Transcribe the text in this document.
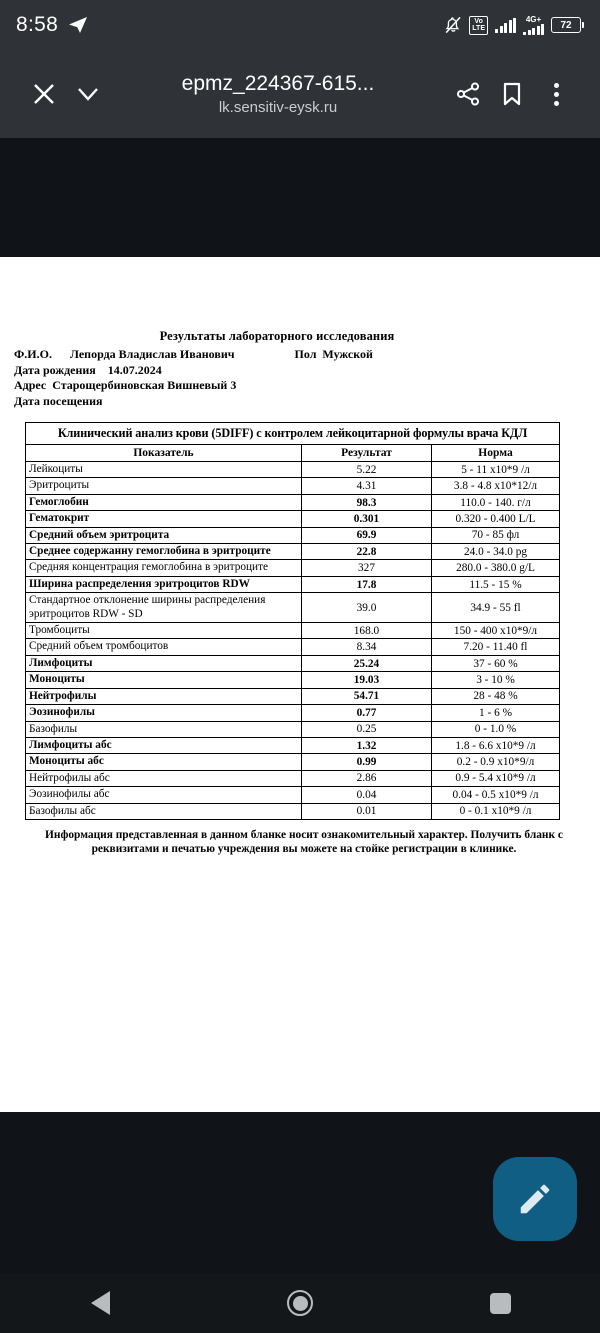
8:58	Vo
LTE
4G+
72
epmz_224367-615...
lk.sensitiv-eysk.ru
Результаты лабораторного исследования
Ф.И.О.      Лепорда Владислав Иванович                    Пол  Мужской
Дата рождения    14.07.2024
Адрес  Старощербиновская Вишневый 3
Дата посещения
Клинический анализ крови (5DIFF) с контролем лейкоцитарной формулы врача КДЛ		
Показатель	Результат	Норма
Лейкоциты	5.22	5 - 11 x10*9 /л
Эритроциты	4.31	3.8 - 4.8 x10*12/л
Гемоглобин	98.3	110.0 - 140. г/л
Гематокрит	0.301	0.320 - 0.400 L/L
Средний объем эритроцита	69.9	70 - 85 фл
Среднее содержанну гемоглобина в эритроците	22.8	24.0 - 34.0 pg
Средняя концентрация гемоглобина в эритроците	327	280.0 - 380.0 g/L
Ширина распределения эритроцитов RDW	17.8	11.5 - 15 %
Стандартное отклонение ширины распределения эритроцитов RDW - SD	39.0	34.9 - 55 fl
Тромбоциты	168.0	150 - 400 x10*9/л
Средний объем тромбоцитов	8.34	7.20 - 11.40 fl
Лимфоциты	25.24	37 - 60 %
Моноциты	19.03	3 - 10 %
Нейтрофилы	54.71	28 - 48 %
Эозинофилы	0.77	1 - 6 %
Базофилы	0.25	0 - 1.0 %
Лимфоциты абс	1.32	1.8 - 6.6 x10*9 /л
Моноциты абс	0.99	0.2 - 0.9 x10*9/л
Нейтрофилы абс	2.86	0.9 - 5.4 x10*9 /л
Эозинофилы абс	0.04	0.04 - 0.5 x10*9 /л
Базофилы абс	0.01	0 - 0.1 x10*9 /л
Информация представленная в данном бланке носит ознакомительный характер. Получить бланк с реквизитами и печатью учреждения вы можете на стойке регистрации в клинике.
